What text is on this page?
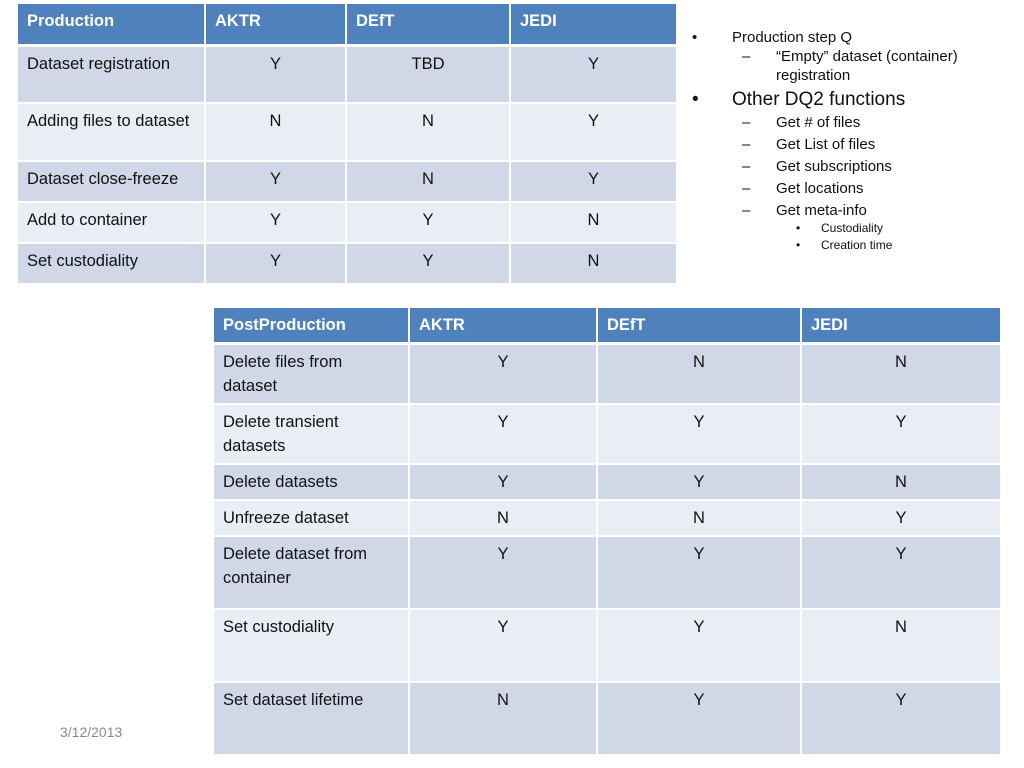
Production	AKTR	DEfT	JEDI
Dataset registration	Y	TBD	Y
Adding files to dataset	N	N	Y
Dataset close-freeze	Y	N	Y
Add to container	Y	Y	N
Set custodiality	Y	Y	N
• Production step Q
– “Empty” dataset (container) registration
• Other DQ2 functions
– Get # of files
– Get List of files
– Get subscriptions
– Get locations
– Get meta-info
• Custodiality
• Creation time
PostProduction	AKTR	DEfT	JEDI
Delete files from dataset	Y	N	N
Delete transient datasets	Y	Y	Y
Delete datasets	Y	Y	N
Unfreeze dataset	N	N	Y
Delete dataset from container	Y	Y	Y
Set custodiality	Y	Y	N
Set dataset lifetime	N	Y	Y
3/12/2013
